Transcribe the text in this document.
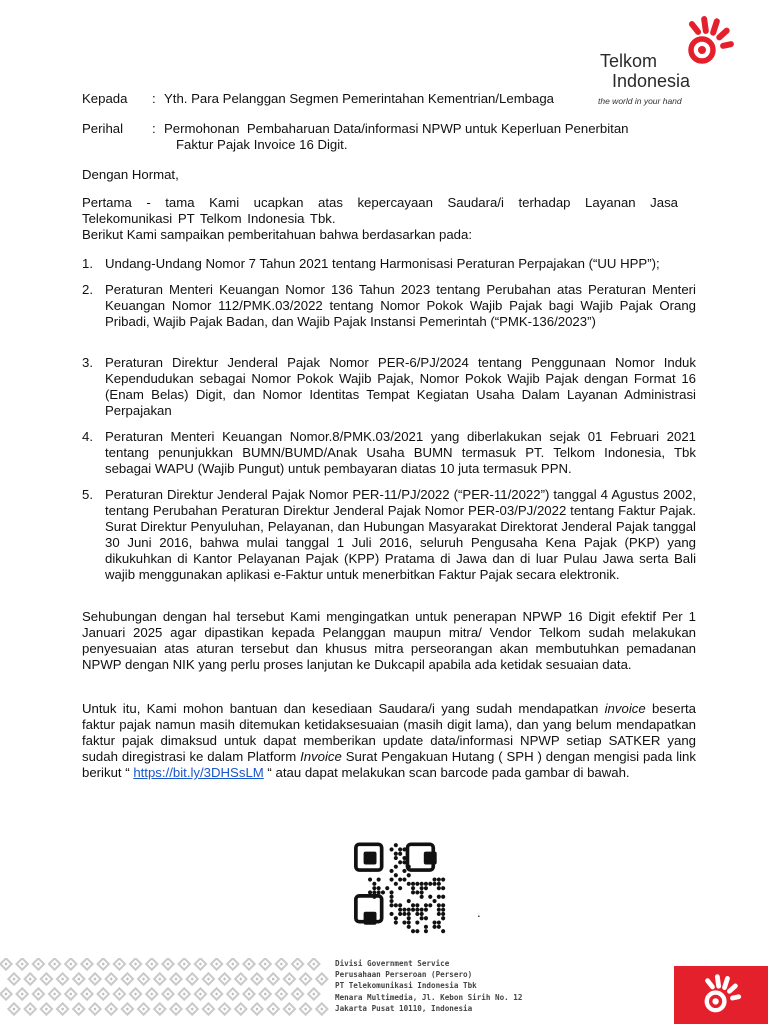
Telkom
Indonesia
the world in your hand
Kepada : Yth. Para Pelanggan Segmen Pemerintahan Kementrian/Lembaga
Perihal : Permohonan  Pembaharuan Data/informasi NPWP untuk Keperluan Penerbitan
Faktur Pajak Invoice 16 Digit.
Dengan Hormat,
Pertama - tama Kami ucapkan atas kepercayaan Saudara/i terhadap Layanan Jasa Telekomunikasi PT Telkom Indonesia Tbk.
Berikut Kami sampaikan pemberitahuan bahwa berdasarkan pada:
1. Undang-Undang Nomor 7 Tahun 2021 tentang Harmonisasi Peraturan Perpajakan (“UU HPP”);
2. Peraturan Menteri Keuangan Nomor 136 Tahun 2023 tentang Perubahan atas Peraturan Menteri Keuangan Nomor 112/PMK.03/2022 tentang Nomor Pokok Wajib Pajak bagi Wajib Pajak Orang Pribadi, Wajib Pajak Badan, dan Wajib Pajak Instansi Pemerintah (“PMK-136/2023”)
3. Peraturan Direktur Jenderal Pajak Nomor PER-6/PJ/2024 tentang Penggunaan Nomor Induk Kependudukan sebagai Nomor Pokok Wajib Pajak, Nomor Pokok Wajib Pajak dengan Format 16 (Enam Belas) Digit, dan Nomor Identitas Tempat Kegiatan Usaha Dalam Layanan Administrasi Perpajakan
4. Peraturan Menteri Keuangan Nomor.8/PMK.03/2021 yang diberlakukan sejak 01 Februari 2021 tentang penunjukkan BUMN/BUMD/Anak Usaha BUMN termasuk PT. Telkom Indonesia, Tbk sebagai WAPU (Wajib Pungut) untuk pembayaran diatas 10 juta termasuk PPN.
5. Peraturan Direktur Jenderal Pajak Nomor PER-11/PJ/2022 (“PER-11/2022”) tanggal 4 Agustus 2002, tentang Perubahan Peraturan Direktur Jenderal Pajak Nomor PER-03/PJ/2022 tentang Faktur Pajak. Surat Direktur Penyuluhan, Pelayanan, dan Hubungan Masyarakat Direktorat Jenderal Pajak tanggal 30 Juni 2016, bahwa mulai tanggal 1 Juli 2016, seluruh Pengusaha Kena Pajak (PKP) yang dikukuhkan di Kantor Pelayanan Pajak (KPP) Pratama di Jawa dan di luar Pulau Jawa serta Bali wajib menggunakan aplikasi e-Faktur untuk menerbitkan Faktur Pajak secara elektronik.
Sehubungan dengan hal tersebut Kami mengingatkan untuk penerapan NPWP 16 Digit efektif Per 1 Januari 2025 agar dipastikan kepada Pelanggan maupun mitra/ Vendor Telkom sudah melakukan penyesuaian atas aturan tersebut dan khusus mitra perseorangan akan membutuhkan pemadanan NPWP dengan NIK yang perlu proses lanjutan ke Dukcapil apabila ada ketidak sesuaian data.
Untuk itu, Kami mohon bantuan dan kesediaan Saudara/i yang sudah mendapatkan invoice beserta faktur pajak namun masih ditemukan ketidaksesuaian (masih digit lama), dan yang belum mendapatkan faktur pajak dimaksud untuk dapat memberikan update data/informasi NPWP setiap SATKER yang sudah diregistrasi ke dalam Platform Invoice Surat Pengakuan Hutang ( SPH ) dengan mengisi pada link berikut “ https://bit.ly/3DHSsLM “ atau dapat melakukan scan barcode pada gambar di bawah.
.
Divisi Government Service
Perusahaan Perseroan (Persero)
PT Telekomunikasi Indonesia Tbk
Menara Multimedia, Jl. Kebon Sirih No. 12
Jakarta Pusat 10110, Indonesia
